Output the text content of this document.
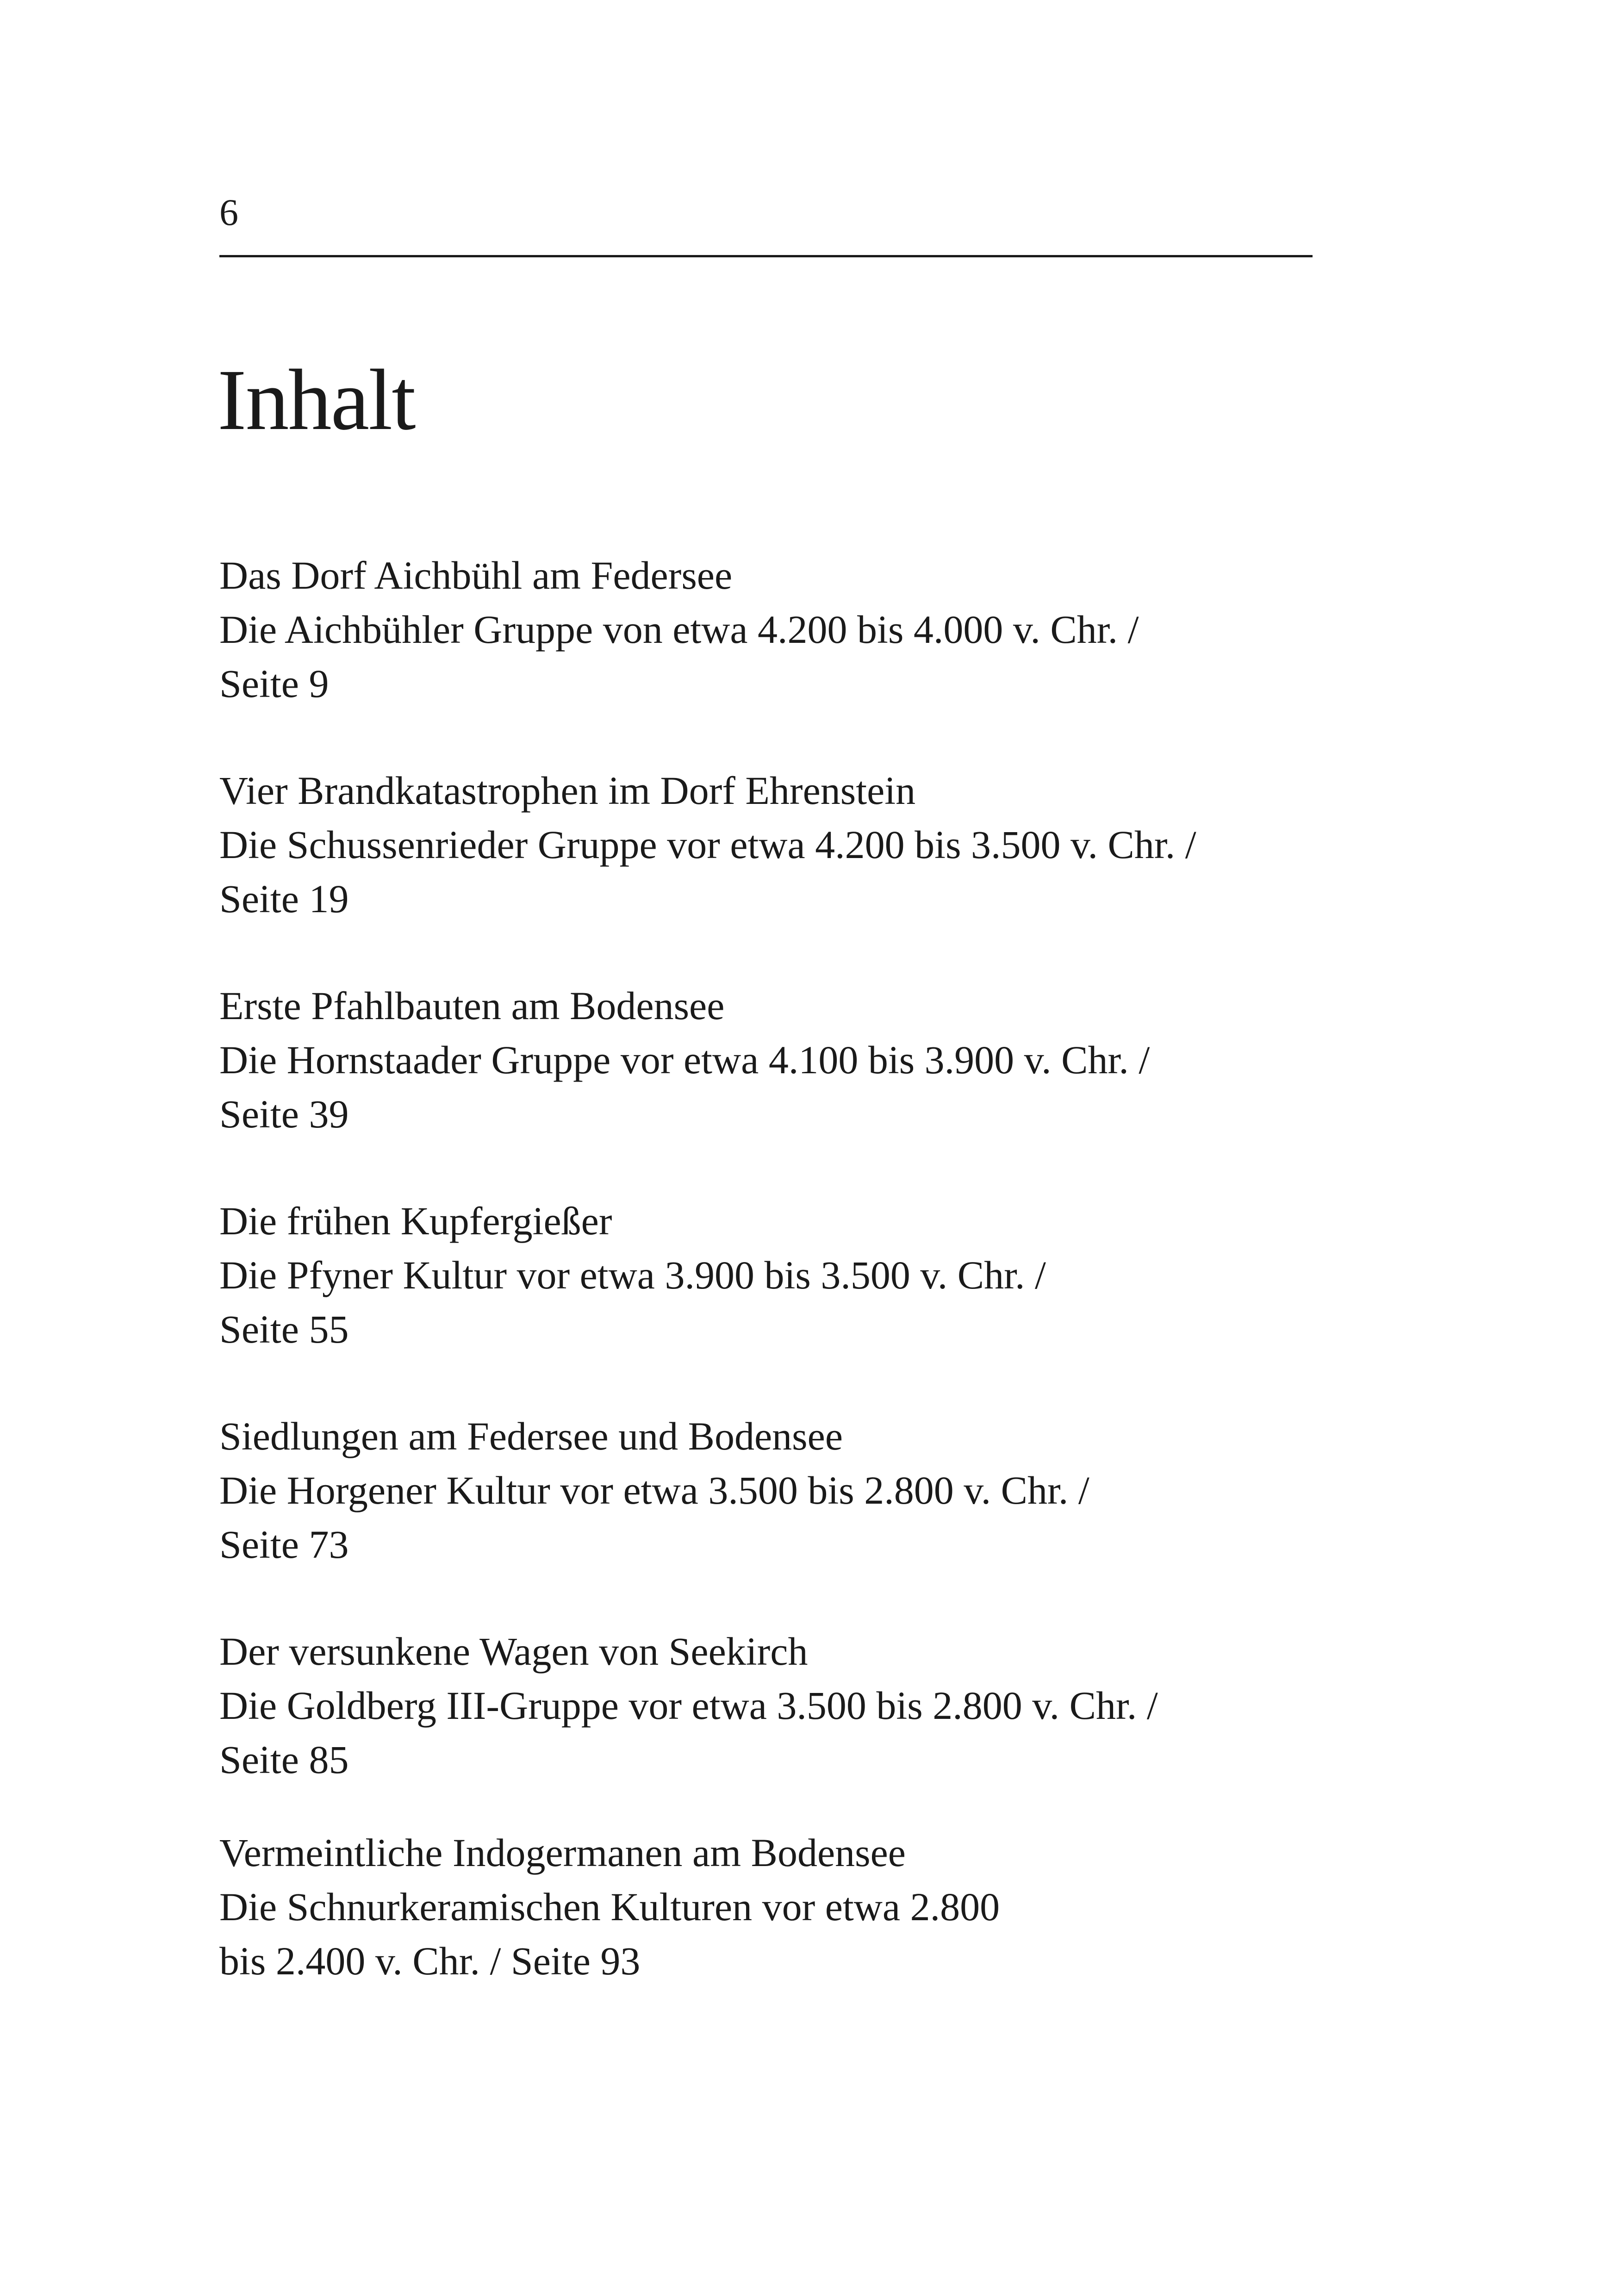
6
Inhalt
Das Dorf Aichbühl am Federsee
Die Aichbühler Gruppe von etwa 4.200 bis 4.000 v. Chr. /
Seite 9
Vier Brandkatastrophen im Dorf Ehrenstein
Die Schussenrieder Gruppe vor etwa 4.200 bis 3.500 v. Chr. /
Seite 19
Erste Pfahlbauten am Bodensee
Die Hornstaader Gruppe vor etwa 4.100 bis 3.900 v. Chr. /
Seite 39
Die frühen Kupfergießer
Die Pfyner Kultur vor etwa 3.900 bis 3.500 v. Chr. /
Seite 55
Siedlungen am Federsee und Bodensee
Die Horgener Kultur vor etwa 3.500 bis 2.800 v. Chr. /
Seite 73
Der versunkene Wagen von Seekirch
Die Goldberg III-Gruppe vor etwa 3.500 bis 2.800 v. Chr. /
Seite 85
Vermeintliche Indogermanen am Bodensee
Die Schnurkeramischen Kulturen vor etwa 2.800
bis 2.400 v. Chr. / Seite 93
